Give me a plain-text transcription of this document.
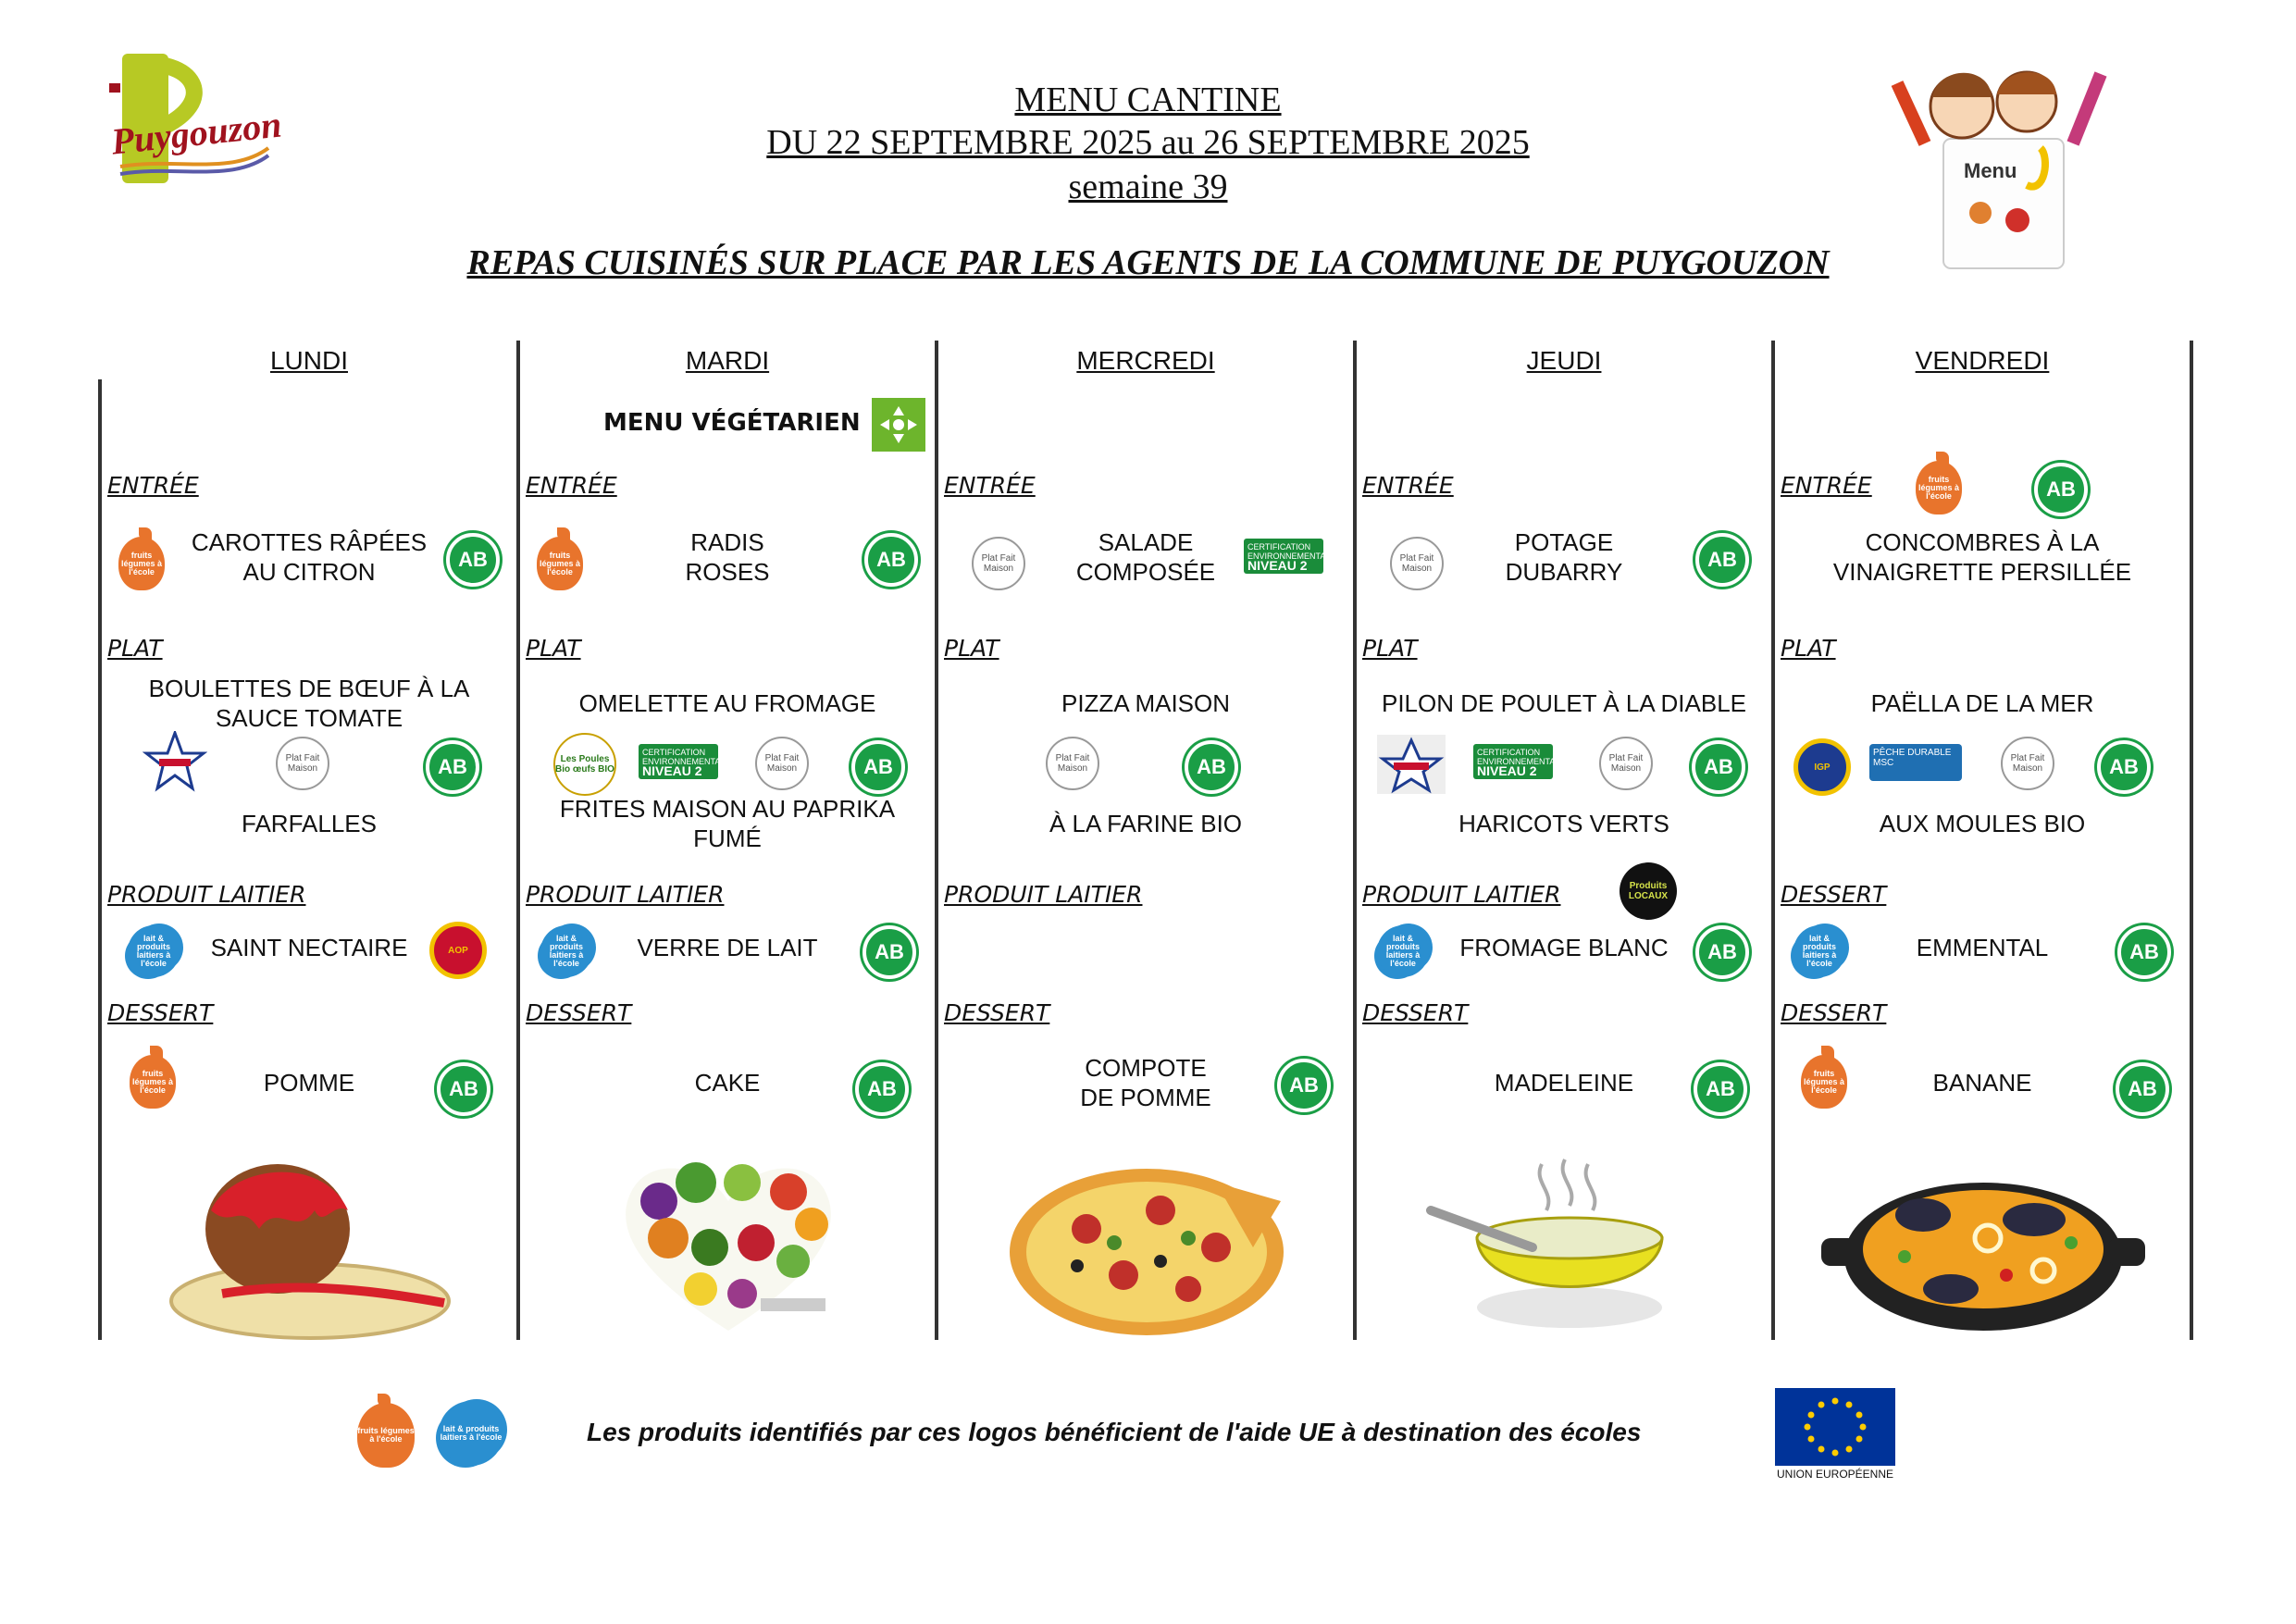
Puygouzon
MENU CANTINE
DU 22 SEPTEMBRE 2025 au 26 SEPTEMBRE 2025
semaine 39
REPAS CUISINÉS SUR PLACE PAR LES AGENTS DE LA COMMUNE DE PUYGOUZON
Menu
LUNDI
ENTRÉE
fruits légumes à l'école
CAROTTES RÂPÉES
AU CITRON	AB
PLAT
BOULETTES DE BŒUF À LA
SAUCE TOMATE
Plat Fait Maison	AB
FARFALLES
PRODUIT LAITIER
lait & produits laitiers à l'école
SAINT NECTAIRE	AOP
DESSERT
fruits légumes à l'école	POMME	AB
MARDI
MENU VÉGÉTARIEN
ENTRÉE
fruits légumes à l'école
RADIS
ROSES	AB
PLAT
OMELETTE AU FROMAGE
Les Poules Bio œufs BIO
CERTIFICATION ENVIRONNEMENTALE
NIVEAU 2
Plat Fait Maison	AB
FRITES MAISON AU PAPRIKA
FUMÉ
PRODUIT LAITIER
lait & produits laitiers à l'école
VERRE DE LAIT	AB
DESSERT
CAKE	AB
MERCREDI
ENTRÉE
Plat Fait Maison
SALADE
COMPOSÉE
CERTIFICATION ENVIRONNEMENTALE
NIVEAU 2
PLAT
PIZZA MAISON
Plat Fait Maison	AB
À LA FARINE BIO
PRODUIT LAITIER
DESSERT
COMPOTE
DE POMME	AB
JEUDI
ENTRÉE
Plat Fait Maison
POTAGE
DUBARRY	AB
PLAT
PILON DE POULET À LA DIABLE
CERTIFICATION ENVIRONNEMENTALE
NIVEAU 2
Plat Fait Maison	AB
HARICOTS VERTS
PRODUIT LAITIER	Produits LOCAUX
lait & produits laitiers à l'école
FROMAGE BLANC	AB
DESSERT
MADELEINE	AB
VENDREDI
ENTRÉE	fruits légumes à l'école	AB
CONCOMBRES À LA
VINAIGRETTE PERSILLÉE
PLAT
PAËLLA DE LA MER
IGP
PÊCHE DURABLE MSC	Plat Fait Maison	AB
AUX MOULES BIO
DESSERT
lait & produits laitiers à l'école
EMMENTAL	AB
DESSERT
fruits légumes à l'école	BANANE	AB
fruits légumes à l'école
lait & produits laitiers à l'école	Les produits identifiés par ces logos bénéficient de l'aide UE à destination des écoles
UNION EUROPÉENNE
